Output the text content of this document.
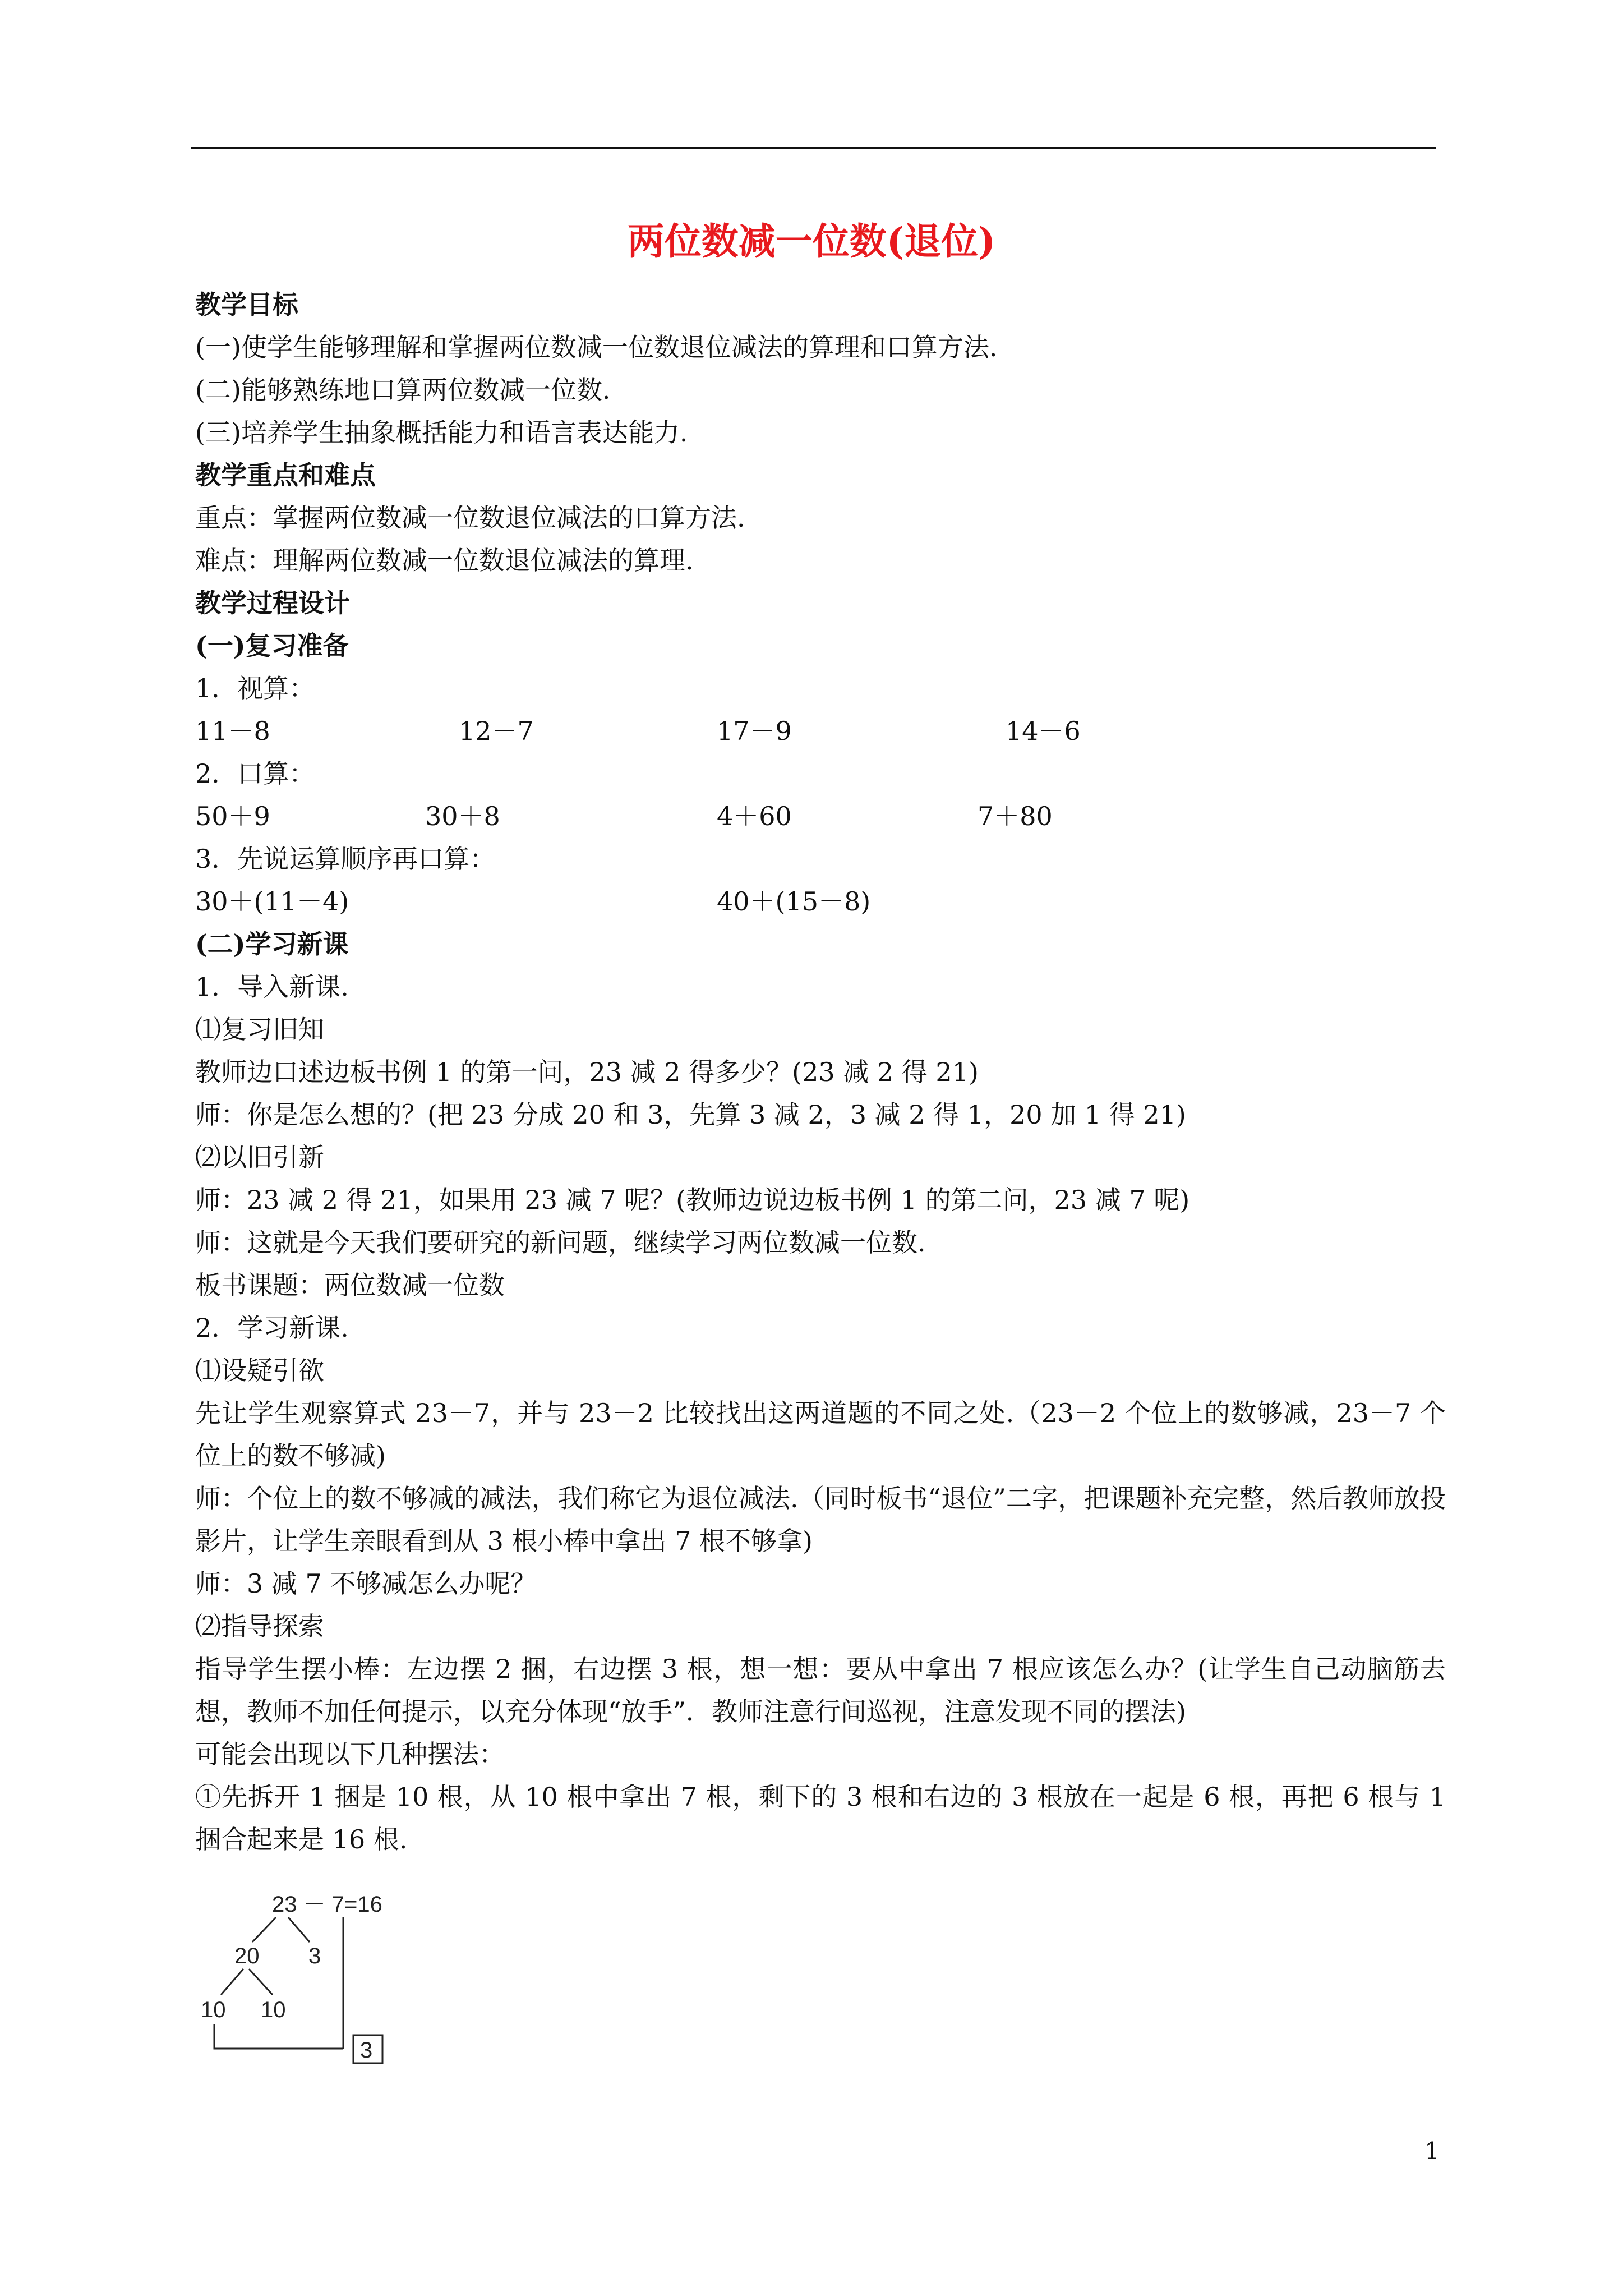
两位数减一位数(退位)
教学目标
(一)使学生能够理解和掌握两位数减一位数退位减法的算理和口算方法.
(二)能够熟练地口算两位数减一位数.
(三)培养学生抽象概括能力和语言表达能力.
教学重点和难点
重点：掌握两位数减一位数退位减法的口算方法.
难点：理解两位数减一位数退位减法的算理.
教学过程设计
(一)复习准备
1．视算：
11－8	12－7	17－9	14－6
2．口算：
50＋9	30＋8	4＋60	7＋80
3．先说运算顺序再口算：
30＋(11－4)	40＋(15－8)
(二)学习新课
1．导入新课.
⑴复习旧知
教师边口述边板书例 1 的第一问，23 减 2 得多少？(23 减 2 得 21)
师：你是怎么想的？(把 23 分成 20 和 3，先算 3 减 2，3 减 2 得 1，20 加 1 得 21)
⑵以旧引新
师：23 减 2 得 21，如果用 23 减 7 呢？(教师边说边板书例 1 的第二问，23 减 7 呢)
师：这就是今天我们要研究的新问题，继续学习两位数减一位数.
板书课题：两位数减一位数
2．学习新课.
⑴设疑引欲
先让学生观察算式 23－7，并与 23－2 比较找出这两道题的不同之处.（23－2 个位上的数够减，23－7 个位上的数不够减)
师：个位上的数不够减的减法，我们称它为退位减法.（同时板书“退位”二字，把课题补充完整，然后教师放投影片，让学生亲眼看到从 3 根小棒中拿出 7 根不够拿)
师：3 减 7 不够减怎么办呢？
⑵指导探索
指导学生摆小棒：左边摆 2 捆，右边摆 3 根，想一想：要从中拿出 7 根应该怎么办？(让学生自己动脑筋去想，教师不加任何提示，以充分体现“放手”．教师注意行间巡视，注意发现不同的摆法)
可能会出现以下几种摆法：
①先拆开 1 捆是 10 根，从 10 根中拿出 7 根，剩下的 3 根和右边的 3 根放在一起是 6 根，再把 6 根与 1 捆合起来是 16 根.
23 － 7=16
20 3
10 10
3
1
